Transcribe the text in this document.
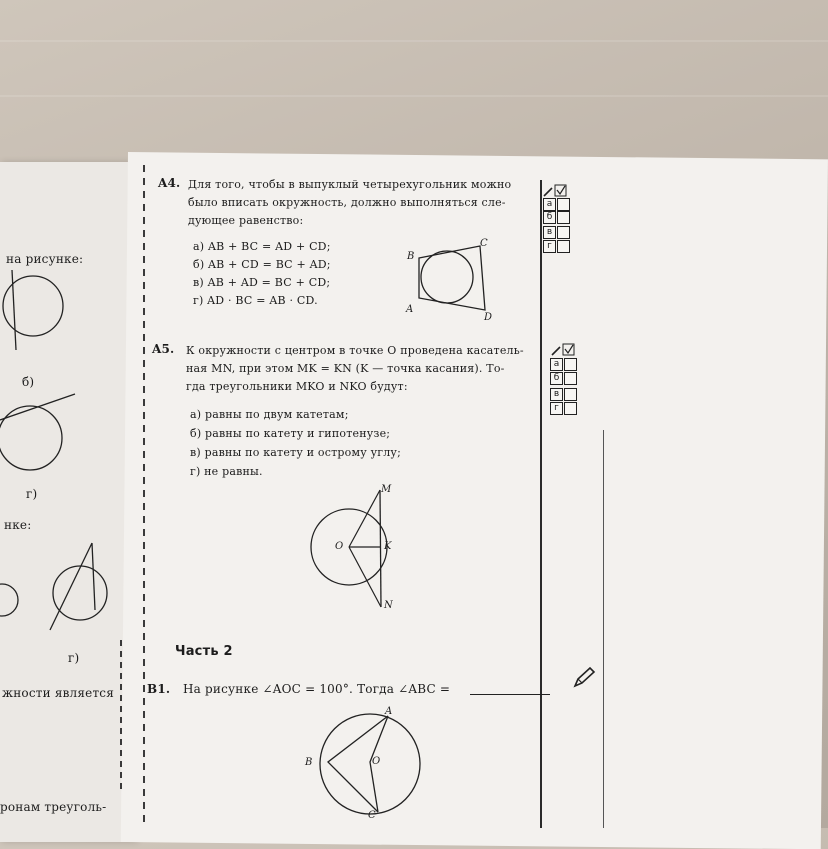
на рисунке:
б)
г)
нке:
г)
жности является
ронам треуголь-
A4. Для того, чтобы в выпуклый четырехугольник можно
было вписать окружность, должно выполняться сле-
дующее равенство:
а) AB + BC = AD + CD;
б) AB + CD = BC + AD;
в) AB + AD = BC + CD;
г) AD · BC = AB · CD.
B
C
A
D
а
б
в
г
A5. К окружности с центром в точке O проведена касатель-
ная MN, при этом MK = KN (K — точка касания). То-
гда треугольники MKO и NKO будут:
а) равны по двум катетам;
б) равны по катету и гипотенузе;
в) равны по катету и острому углу;
г) не равны.
M
O	K
N
а
б
в
г
Часть 2
B1. На рисунке ∠AOC = 100°. Тогда ∠ABC =
A
B	O
C
